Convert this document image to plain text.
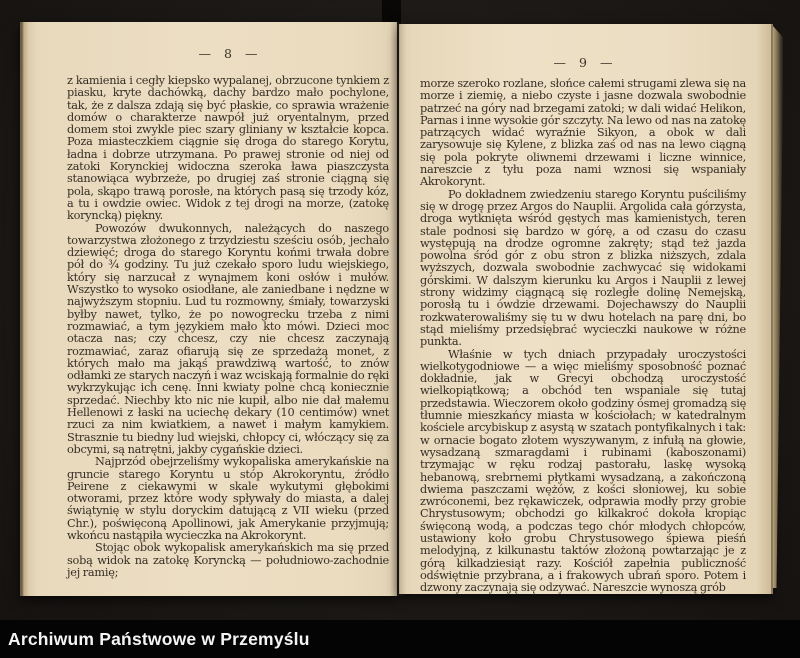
— 8 —

z kamienia i cegły kiepsko wypalanej, obrzucone tynkiem z piasku, kryte dachówką, dachy bardzo mało pochylone, tak, że z dalsza zdają się być płaskie, co sprawia wrażenie domów o charakterze nawpół już oryentalnym, przed domem stoi zwykle piec szary gliniany w kształcie kopca. Poza miasteczkiem ciągnie się droga do starego Korytu, ładna i dobrze utrzymana. Po prawej stronie od niej od zatoki Korynckiej widoczna szeroka ława piaszczysta stanowiąca wybrzeże, po drugiej zaś stronie ciągną się pola, skąpo trawą porosłe, na których pasą się trzody kóz, a tu i owdzie owiec. Widok z tej drogi na morze, (zatokę koryncką) piękny.

Powozów dwukonnych, należących do naszego towarzystwa złożonego z trzydziestu sześciu osób, jechało dziewięć; droga do starego Koryntu końmi trwała dobre pół do ¾ godziny. Tu już czekało sporo ludu wiejskiego, który się narzucał z wynajmem koni osłów i mułów. Wszystko to wysoko osiodłane, ale zaniedbane i nędzne w najwyższym stopniu. Lud tu rozmowny, śmiały, towarzyski byłby nawet, tylko, że po nowogrecku trzeba z nimi rozmawiać, a tym językiem mało kto mówi. Dzieci moc otacza nas; czy chcesz, czy nie chcesz zaczynają rozmawiać, zaraz ofiarują się ze sprzedażą monet, z których mało ma jakąś prawdziwą wartość, to znów odłamki ze starych naczyń i waz wciskają formalnie do ręki wykrzykując ich cenę. Inni kwiaty polne chcą koniecznie sprzedać. Niechby kto nic nie kupił, albo nie dał małemu Hellenowi z łaski na uciechę dekary (10 centimów) wnet rzuci za nim kwiatkiem, a nawet i małym kamykiem. Strasznie tu biedny lud wiejski, chłopcy ci, włóczący się za obcymi, są natrętni, jakby cygańskie dzieci.

Najprzód obejrzeliśmy wykopaliska amerykańskie na gruncie starego Koryntu u stóp Akrokoryntu, źródło Peirene z ciekawymi w skale wykutymi głębokimi otworami, przez które wody spływały do miasta, a dalej świątynię w stylu doryckim datującą z VII wieku (przed Chr.), poświęconą Apollinowi, jak Amerykanie przyjmują; wkońcu nastąpiła wycieczka na Akrokorynt.

Stojąc obok wykopalisk amerykańskich ma się przed sobą widok na zatokę Koryncką — południowo-zachodnie jej ramię;

— 9 —

morze szeroko rozlane, słońce całemi strugami zlewa się na morze i ziemię, a niebo czyste i jasne dozwala swobodnie patrzeć na góry nad brzegami zatoki; w dali widać Helikon, Parnas i inne wysokie gór szczyty. Na lewo od nas na zatokę patrzących widać wyraźnie Sikyon, a obok w dali zarysowuje się Kylene, z blizka zaś od nas na lewo ciągną się pola pokryte oliwnemi drzewami i liczne winnice, nareszcie z tyłu poza nami wznosi się wspaniały Akrokorynt.

Po dokładnem zwiedzeniu starego Koryntu puściliśmy się w drogę przez Argos do Nauplii. Argolida cała górzysta, droga wytknięta wśród gęstych mas kamienistych, teren stale podnosi się bardzo w górę, a od czasu do czasu występują na drodze ogromne zakręty; stąd też jazda powolna śród gór z obu stron z blizka niższych, zdala wyższych, dozwala swobodnie zachwycać się widokami górskimi. W dalszym kierunku ku Argos i Nauplii z lewej strony widzimy ciągnącą się rozległe dolinę Nemejską, porosłą tu i ówdzie drzewami. Dojechawszy do Nauplii rozkwaterowaliśmy się tu w dwu hotelach na parę dni, bo stąd mieliśmy przedsiębrać wycieczki naukowe w różne punkta.

Właśnie w tych dniach przypadały uroczystości wielkotygodniowe — a więc mieliśmy sposobność poznać dokładnie, jak w Grecyi obchodzą uroczystość wielkopiątkową; a obchód ten wspaniale się tutaj przedstawia. Wieczorem około godziny ósmej gromadzą się tłumnie mieszkańcy miasta w kościołach; w katedralnym kościele arcybiskup z asystą w szatach pontyfikalnych i tak: w ornacie bogato złotem wyszywanym, z infułą na głowie, wysadzaną szmaragdami i rubinami (kaboszonami) trzymając w ręku rodzaj pastorału, laskę wysoką hebanową, srebrnemi płytkami wysadzaną, a zakończoną dwiema paszczami wężów, z kości słoniowej, ku sobie zwróconemi, bez rękawiczek, odprawia modły przy grobie Chrystusowym; obchodzi go kilkakroć dokoła kropiąc święconą wodą, a podczas tego chór młodych chłopców, ustawiony koło grobu Chrystusowego śpiewa pieśń melodyjną, z kilkunastu taktów złożoną powtarzając je z górą kilkadziesiąt razy. Kościół zapełnia publiczność odświętnie przybrana, a i frakowych ubrań sporo. Potem i dzwony zaczynają się odzywać. Nareszcie wynoszą grób

Archiwum Państwowe w Przemyślu
